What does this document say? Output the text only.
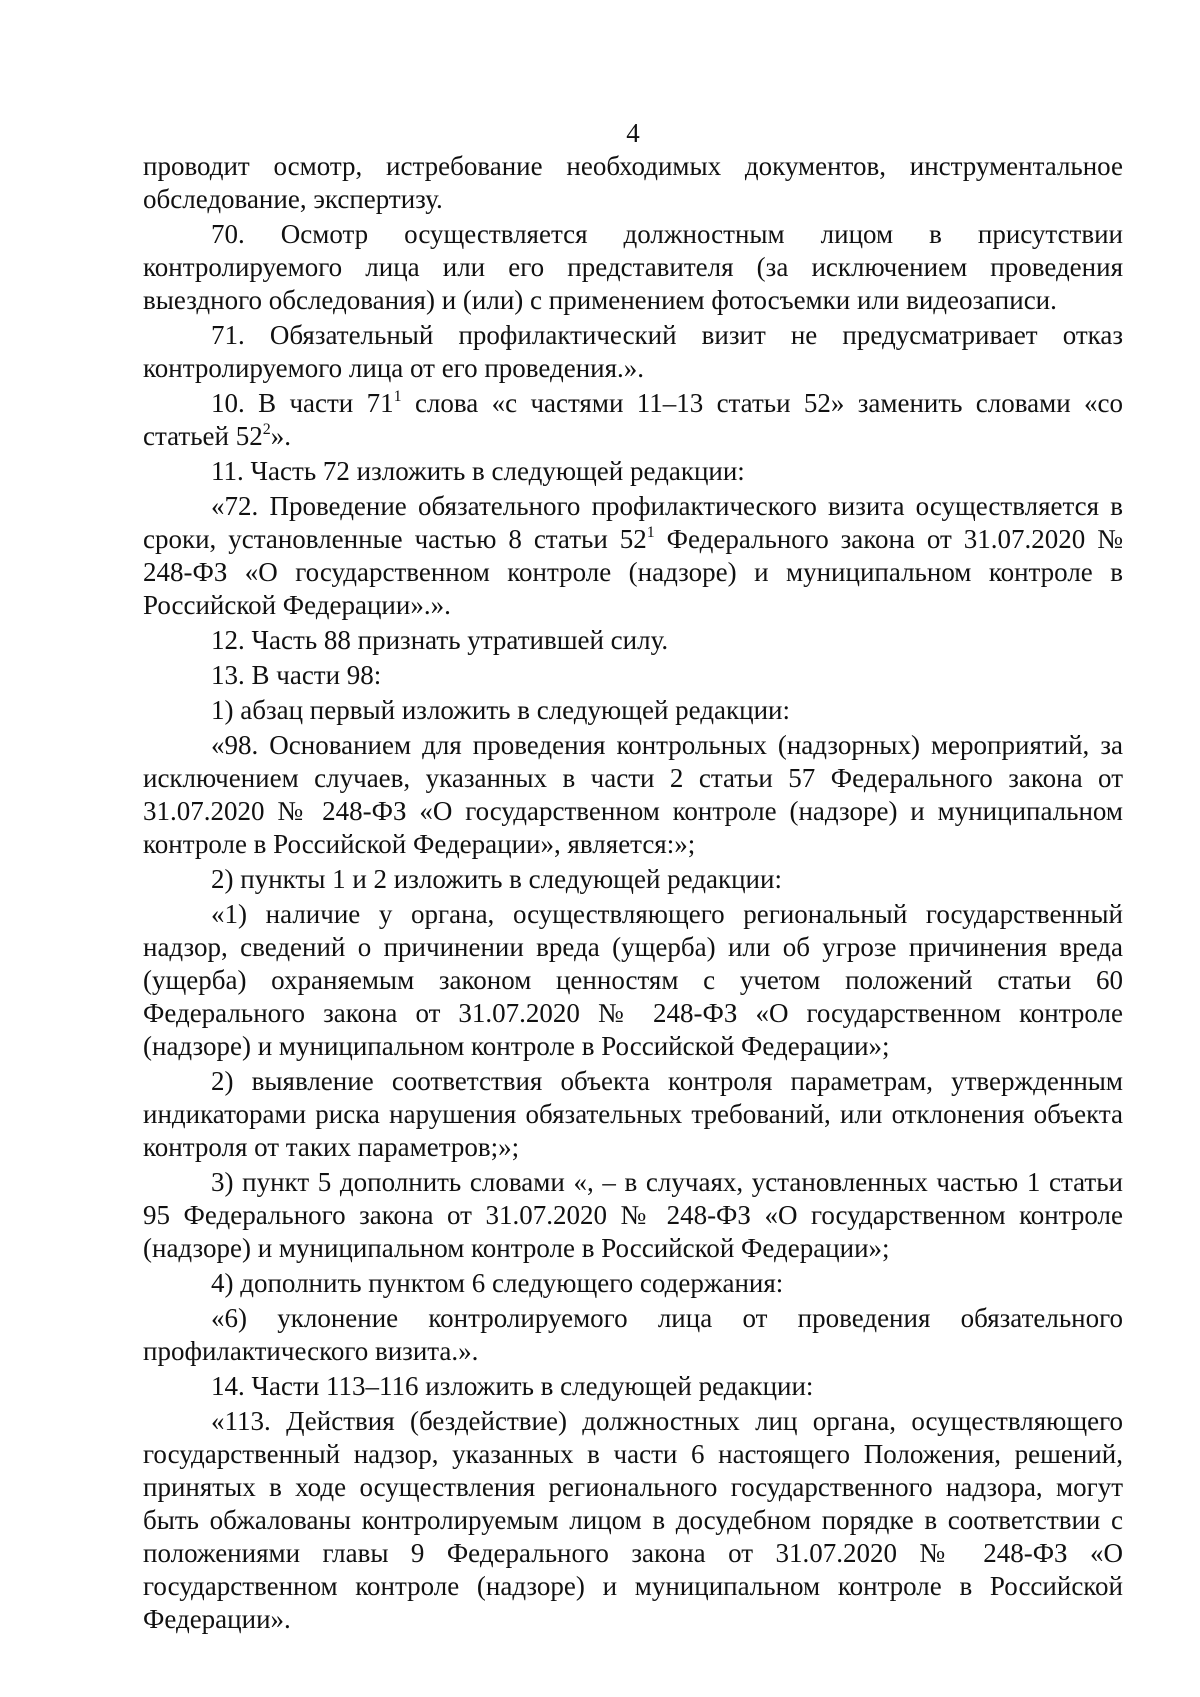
4

проводит осмотр, истребование необходимых документов, инструментальное обследование, экспертизу.

70. Осмотр осуществляется должностным лицом в присутствии контролируемого лица или его представителя (за исключением проведения выездного обследования) и (или) с применением фотосъемки или видеозаписи.

71. Обязательный профилактический визит не предусматривает отказ контролируемого лица от его проведения.».

10. В части $71^1$ слова «с частями 11–13 статьи 52» заменить словами «со статьей $52^2$».

11. Часть 72 изложить в следующей редакции:

«72. Проведение обязательного профилактического визита осуществляется в сроки, установленные частью 8 статьи $52^1$ Федерального закона от 31.07.2020 № 248-ФЗ «О государственном контроле (надзоре) и муниципальном контроле в Российской Федерации».».

12. Часть 88 признать утратившей силу.

13. В части 98:

1) абзац первый изложить в следующей редакции:

«98. Основанием для проведения контрольных (надзорных) мероприятий, за исключением случаев, указанных в части 2 статьи 57 Федерального закона от 31.07.2020 № 248-ФЗ «О государственном контроле (надзоре) и муниципальном контроле в Российской Федерации», является:»;

2) пункты 1 и 2 изложить в следующей редакции:

«1) наличие у органа, осуществляющего региональный государственный надзор, сведений о причинении вреда (ущерба) или об угрозе причинения вреда (ущерба) охраняемым законом ценностям с учетом положений статьи 60 Федерального закона от 31.07.2020 № 248-ФЗ «О государственном контроле (надзоре) и муниципальном контроле в Российской Федерации»;

2) выявление соответствия объекта контроля параметрам, утвержденным индикаторами риска нарушения обязательных требований, или отклонения объекта контроля от таких параметров;»;

3) пункт 5 дополнить словами «, – в случаях, установленных частью 1 статьи 95 Федерального закона от 31.07.2020 № 248-ФЗ «О государственном контроле (надзоре) и муниципальном контроле в Российской Федерации»;

4) дополнить пунктом 6 следующего содержания:

«6) уклонение контролируемого лица от проведения обязательного профилактического визита.».

14. Части 113–116 изложить в следующей редакции:

«113. Действия (бездействие) должностных лиц органа, осуществляющего государственный надзор, указанных в части 6 настоящего Положения, решений, принятых в ходе осуществления регионального государственного надзора, могут быть обжалованы контролируемым лицом в досудебном порядке в соответствии с положениями главы 9 Федерального закона от 31.07.2020 № 248-ФЗ «О государственном контроле (надзоре) и муниципальном контроле в Российской Федерации».
